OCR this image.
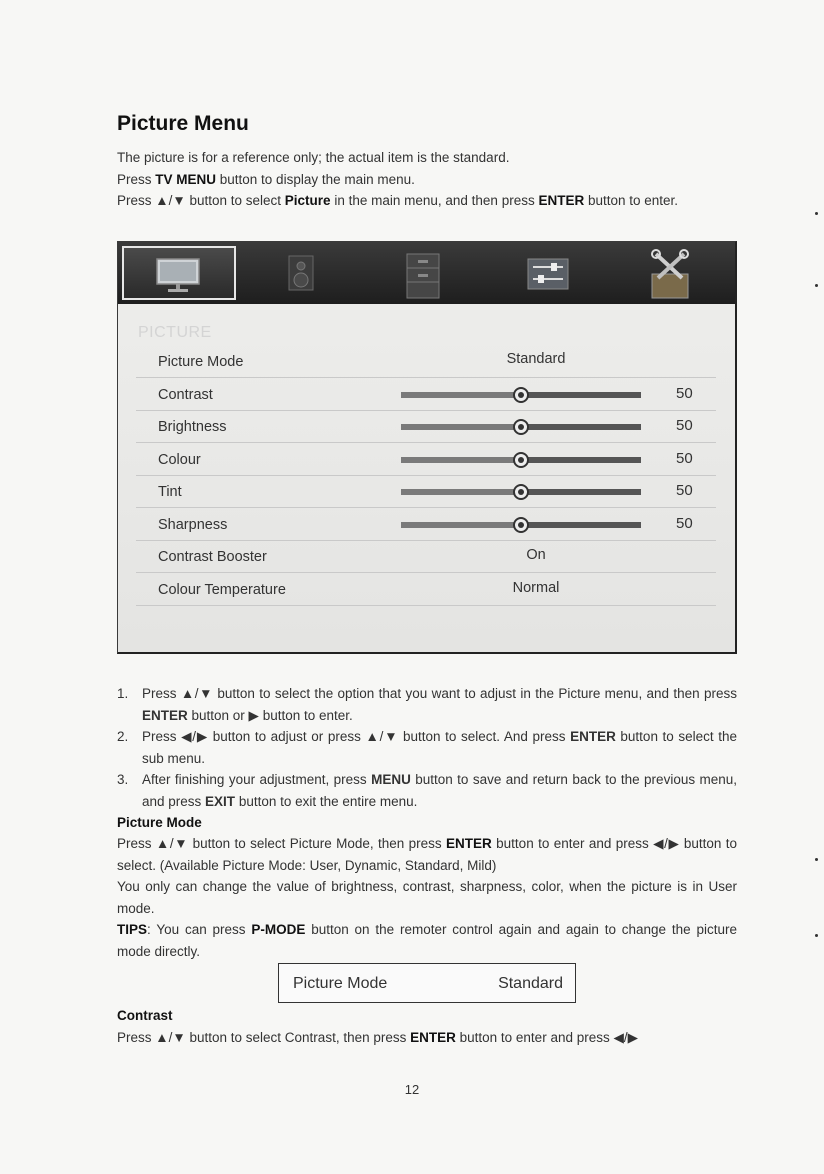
Picture Menu
The picture is for a reference only; the actual item is the standard.
Press TV MENU button to display the main menu.
Press ▲/▼ button to select Picture in the main menu, and then press ENTER button to enter.
PICTURE
Picture Mode	Standard
Contrast	50
Brightness	50
Colour	50
Tint	50
Sharpness	50
Contrast Booster	On
Colour Temperature	Normal
1. Press ▲/▼ button to select the option that you want to adjust in the Picture menu, and then press ENTER button or ▶ button to enter.
2. Press ◀/▶ button to adjust or press ▲/▼ button to select. And press ENTER button to select the sub menu.
3. After finishing your adjustment, press MENU button to save and return back to the previous menu, and press EXIT button to exit the entire menu.
Picture Mode
Press ▲/▼ button to select Picture Mode, then press ENTER button to enter and press ◀/▶ button to select. (Available Picture Mode: User, Dynamic, Standard, Mild)
You only can change the value of brightness, contrast, sharpness, color, when the picture is in User mode.
TIPS: You can press P-MODE button on the remoter control again and again to change the picture mode directly.
Picture Mode	Standard
Contrast
Press ▲/▼ button to select Contrast, then press ENTER button to enter and press ◀/▶
12
